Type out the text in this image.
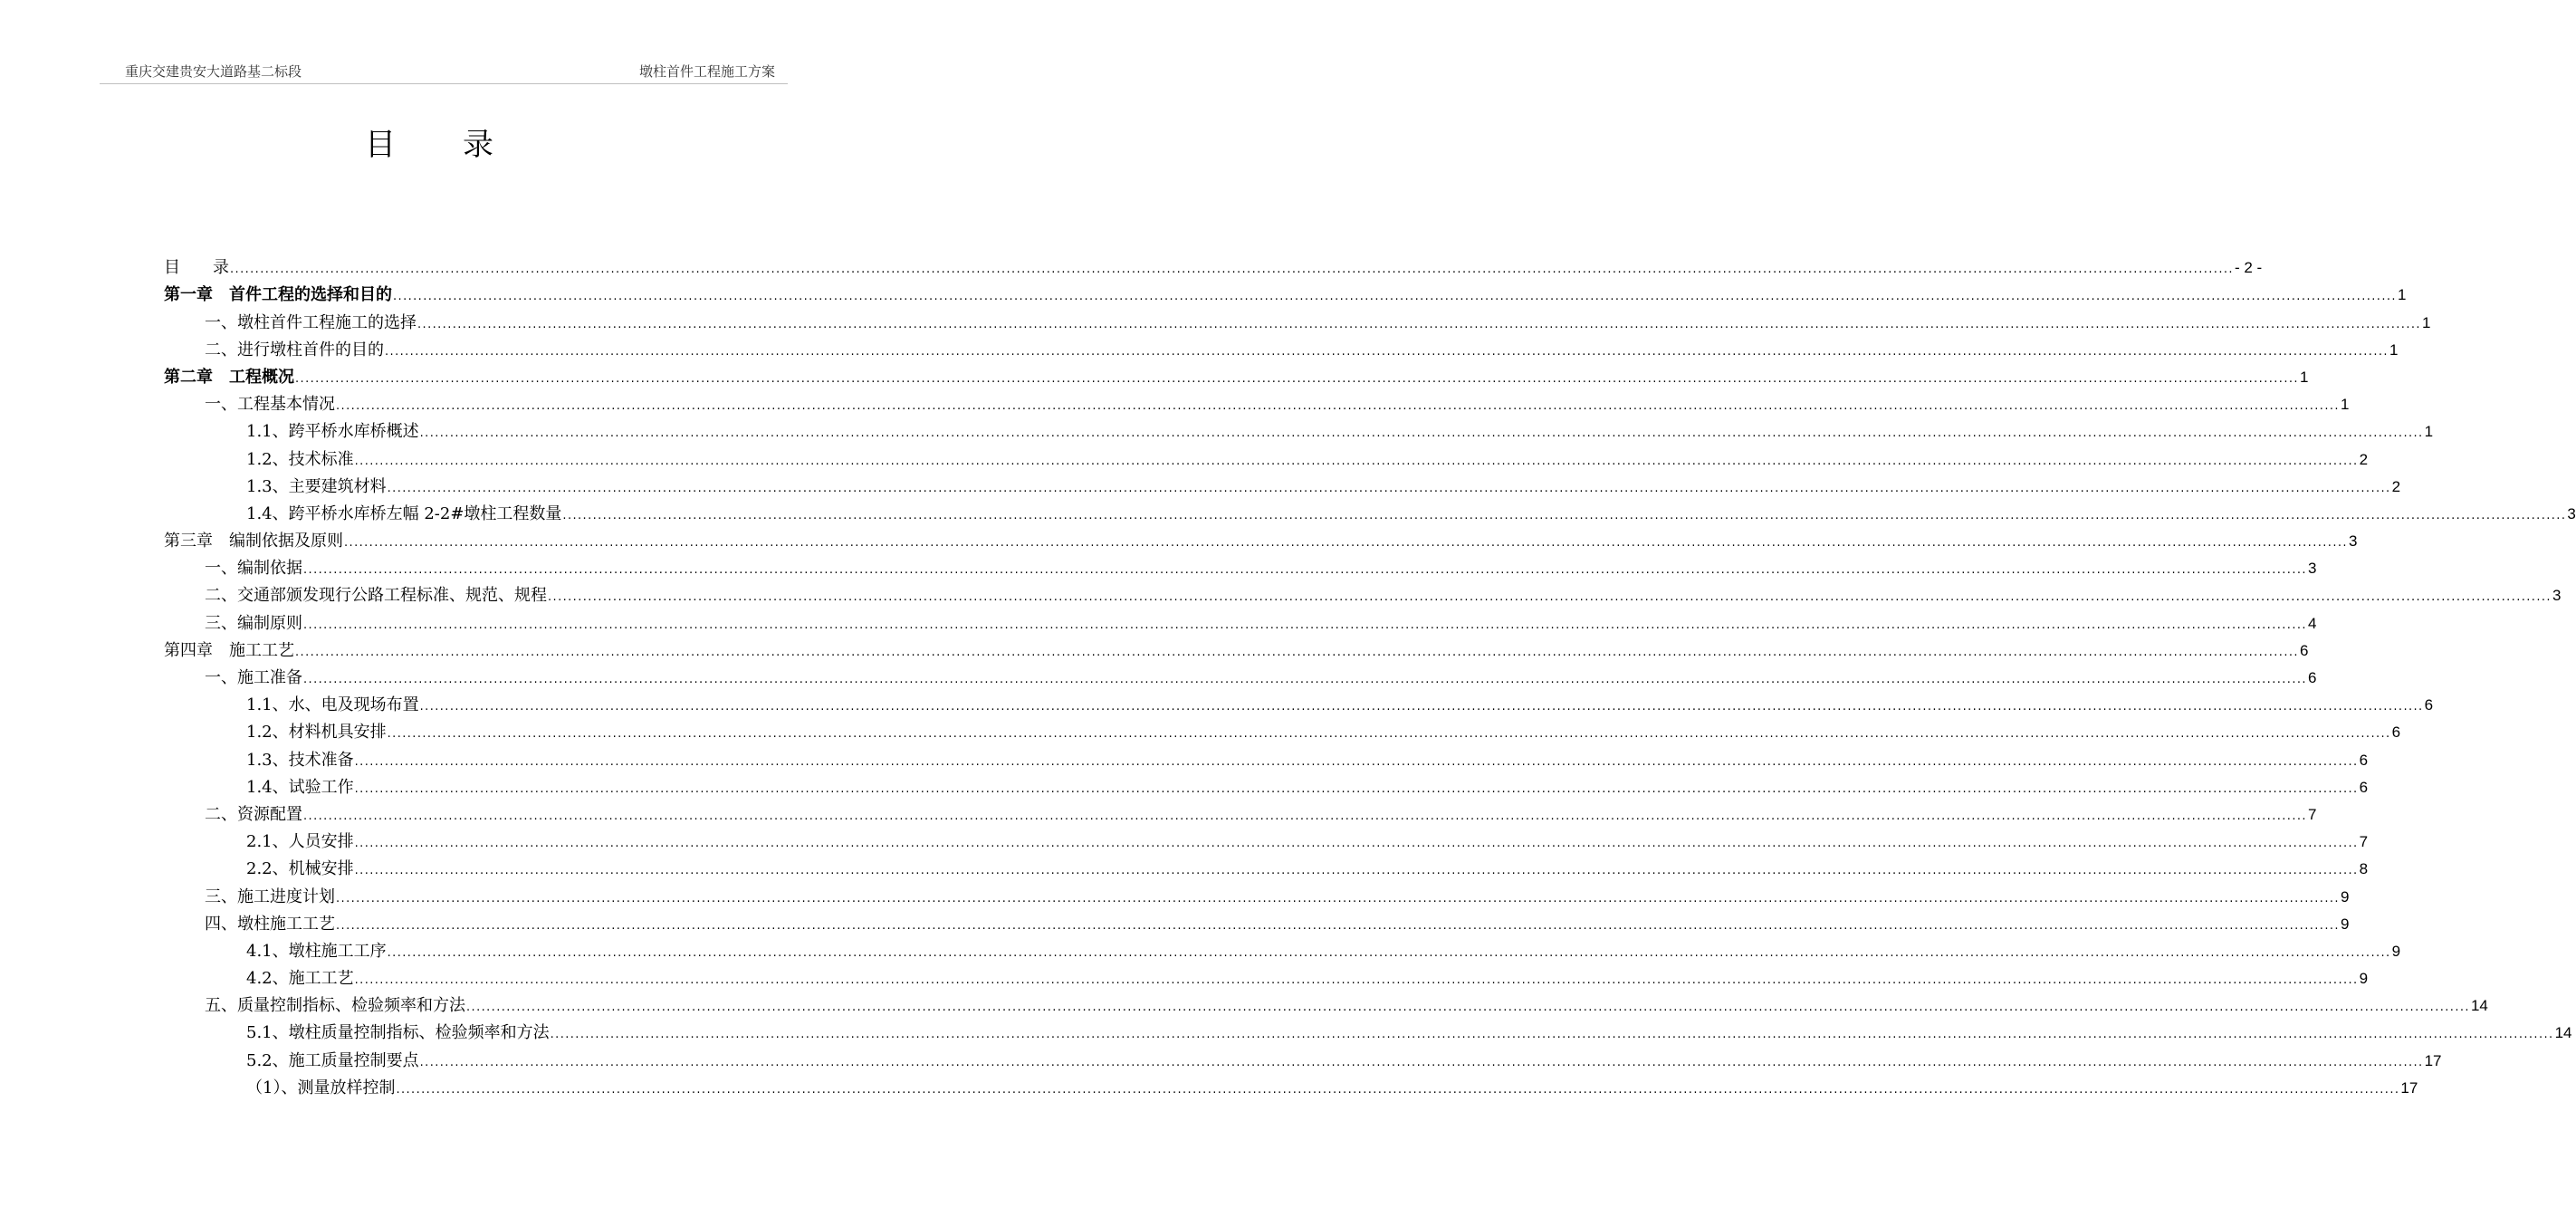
重庆交建贵安大道路基二标段	墩柱首件工程施工方案
目　　录
目　　录 ................................................................................................................................................................................................................................................................................................................................................................................................................ - 2 -
第一章　首件工程的选择和目的 ................................................................................................................................................................................................................................................................................................................................................................................................................ 1
一、墩柱首件工程施工的选择 ................................................................................................................................................................................................................................................................................................................................................................................................................ 1
二、进行墩柱首件的目的 ................................................................................................................................................................................................................................................................................................................................................................................................................ 1
第二章　工程概况 ................................................................................................................................................................................................................................................................................................................................................................................................................ 1
一、工程基本情况 ................................................................................................................................................................................................................................................................................................................................................................................................................ 1
1.1、跨平桥水库桥概述 ................................................................................................................................................................................................................................................................................................................................................................................................................ 1
1.2、技术标准 ................................................................................................................................................................................................................................................................................................................................................................................................................ 2
1.3、主要建筑材料 ................................................................................................................................................................................................................................................................................................................................................................................................................ 2
1.4、跨平桥水库桥左幅 2-2#墩柱工程数量 ................................................................................................................................................................................................................................................................................................................................................................................................................ 3
第三章　编制依据及原则 ................................................................................................................................................................................................................................................................................................................................................................................................................ 3
一、编制依据 ................................................................................................................................................................................................................................................................................................................................................................................................................ 3
二、交通部颁发现行公路工程标准、规范、规程 ................................................................................................................................................................................................................................................................................................................................................................................................................ 3
三、编制原则 ................................................................................................................................................................................................................................................................................................................................................................................................................ 4
第四章　施工工艺 ................................................................................................................................................................................................................................................................................................................................................................................................................ 6
一、施工准备 ................................................................................................................................................................................................................................................................................................................................................................................................................ 6
1.1、水、电及现场布置 ................................................................................................................................................................................................................................................................................................................................................................................................................ 6
1.2、材料机具安排 ................................................................................................................................................................................................................................................................................................................................................................................................................ 6
1.3、技术准备 ................................................................................................................................................................................................................................................................................................................................................................................................................ 6
1.4、试验工作 ................................................................................................................................................................................................................................................................................................................................................................................................................ 6
二、资源配置 ................................................................................................................................................................................................................................................................................................................................................................................................................ 7
2.1、人员安排 ................................................................................................................................................................................................................................................................................................................................................................................................................ 7
2.2、机械安排 ................................................................................................................................................................................................................................................................................................................................................................................................................ 8
三、施工进度计划 ................................................................................................................................................................................................................................................................................................................................................................................................................ 9
四、墩柱施工工艺 ................................................................................................................................................................................................................................................................................................................................................................................................................ 9
4.1、墩柱施工工序 ................................................................................................................................................................................................................................................................................................................................................................................................................ 9
4.2、施工工艺 ................................................................................................................................................................................................................................................................................................................................................................................................................ 9
五、质量控制指标、检验频率和方法 ................................................................................................................................................................................................................................................................................................................................................................................................................ 14
5.1、墩柱质量控制指标、检验频率和方法 ................................................................................................................................................................................................................................................................................................................................................................................................................ 14
5.2、施工质量控制要点 ................................................................................................................................................................................................................................................................................................................................................................................................................ 17
（1）、测量放样控制 ................................................................................................................................................................................................................................................................................................................................................................................................................ 17
